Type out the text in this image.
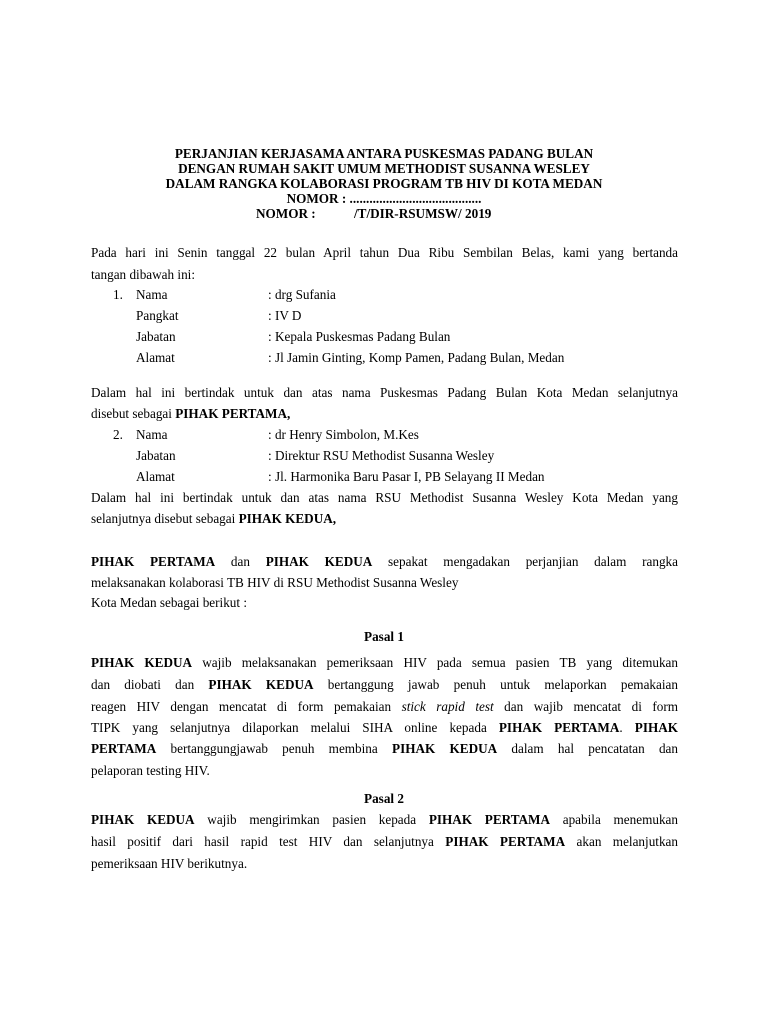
PERJANJIAN KERJASAMA ANTARA PUSKESMAS PADANG BULAN
DENGAN RUMAH SAKIT UMUM METHODIST SUSANNA WESLEY
DALAM RANGKA KOLABORASI PROGRAM TB HIV DI KOTA MEDAN
NOMOR : ........................................
NOMOR :	/T/DIR-RSUMSW/ 2019
Pada hari ini Senin tanggal 22 bulan April tahun Dua Ribu Sembilan Belas, kami yang bertanda
tangan dibawah ini:
1. Nama	: drg Sufania
Pangkat	: IV D
Jabatan	: Kepala Puskesmas Padang Bulan
Alamat	: Jl Jamin Ginting, Komp Pamen, Padang Bulan, Medan
Dalam hal ini bertindak untuk dan atas nama Puskesmas Padang Bulan Kota Medan selanjutnya
disebut sebagai PIHAK PERTAMA,
2. Nama	: dr Henry Simbolon, M.Kes
Jabatan	: Direktur RSU Methodist Susanna Wesley
Alamat	: Jl. Harmonika Baru Pasar I, PB Selayang II Medan
Dalam hal ini bertindak untuk dan atas nama RSU Methodist Susanna Wesley Kota Medan yang
selanjutnya disebut sebagai PIHAK KEDUA,
PIHAK PERTAMA dan PIHAK KEDUA sepakat mengadakan perjanjian dalam rangka
melaksanakan kolaborasi TB HIV di RSU Methodist Susanna Wesley
Kota Medan sebagai berikut :
Pasal 1
PIHAK KEDUA wajib melaksanakan pemeriksaan HIV pada semua pasien TB yang ditemukan
dan diobati dan PIHAK KEDUA bertanggung jawab penuh untuk melaporkan pemakaian
reagen HIV dengan mencatat di form pemakaian stick rapid test dan wajib mencatat di form
TIPK yang selanjutnya dilaporkan melalui SIHA online kepada PIHAK PERTAMA. PIHAK
PERTAMA bertanggungjawab penuh membina PIHAK KEDUA dalam hal pencatatan dan
pelaporan testing HIV.
Pasal 2
PIHAK KEDUA wajib mengirimkan pasien kepada PIHAK PERTAMA apabila menemukan
hasil positif dari hasil rapid test HIV dan selanjutnya PIHAK PERTAMA akan melanjutkan
pemeriksaan HIV berikutnya.
